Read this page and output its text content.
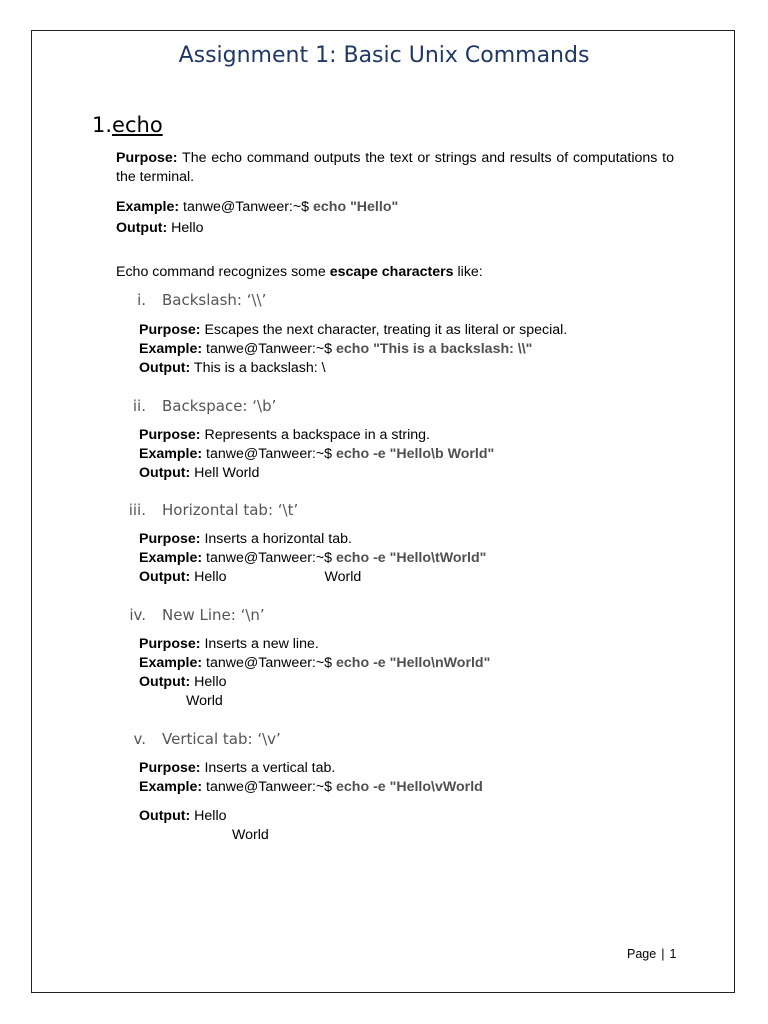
Assignment 1: Basic Unix Commands
1.echo
Purpose: The echo command outputs the text or strings and results of computations to the terminal.
Example: tanwe@Tanweer:~$ echo "Hello"
Output: Hello
Echo command recognizes some escape characters like:
i. Backslash: ‘\\’
Purpose: Escapes the next character, treating it as literal or special.
Example: tanwe@Tanweer:~$ echo "This is a backslash: \\"
Output: This is a backslash: \
ii. Backspace: ‘\b’
Purpose: Represents a backspace in a string.
Example: tanwe@Tanweer:~$ echo -e "Hello\b World"
Output: Hell World
iii. Horizontal tab: ‘\t’
Purpose: Inserts a horizontal tab.
Example: tanwe@Tanweer:~$ echo -e "Hello\tWorld"
Output: Hello	World
iv. New Line: ‘\n’
Purpose: Inserts a new line.
Example: tanwe@Tanweer:~$ echo -e "Hello\nWorld"
Output: Hello
World
v. Vertical tab: ‘\v’
Purpose: Inserts a vertical tab.
Example: tanwe@Tanweer:~$ echo -e "Hello\vWorld
Output: Hello
World
Page | 1
